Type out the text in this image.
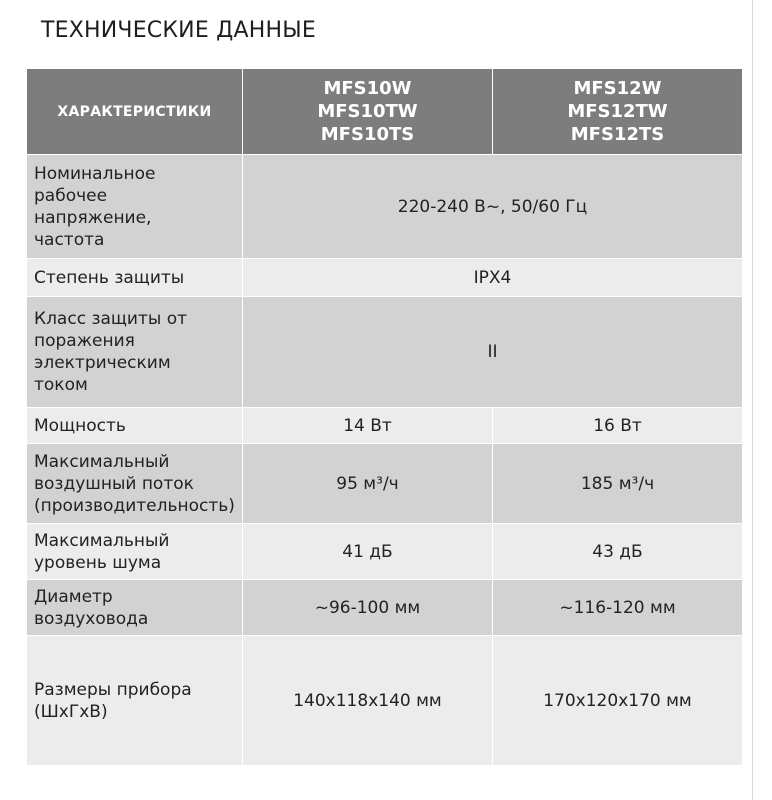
ТЕХНИЧЕСКИЕ ДАННЫЕ
ХАРАКТЕРИСТИКИ	MFS10W
MFS10TW
MFS10TS	MFS12W
MFS12TW
MFS12TS

Номинальное
рабочее
напряжение,
частота	220-240 В~, 50/60 Гц	

Степень защиты	IPX4	

Класс защиты от
поражения
электрическим
током	II	

Мощность	14 Вт	16 Вт

Максимальный
воздушный поток
(производительность)	95 м³/ч	185 м³/ч

Максимальный
уровень шума	41 дБ	43 дБ

Диаметр
воздуховода	~96-100 мм	~116-120 мм

Размеры прибора
(ШхГхВ)	140x118x140 мм	170x120x170 мм
